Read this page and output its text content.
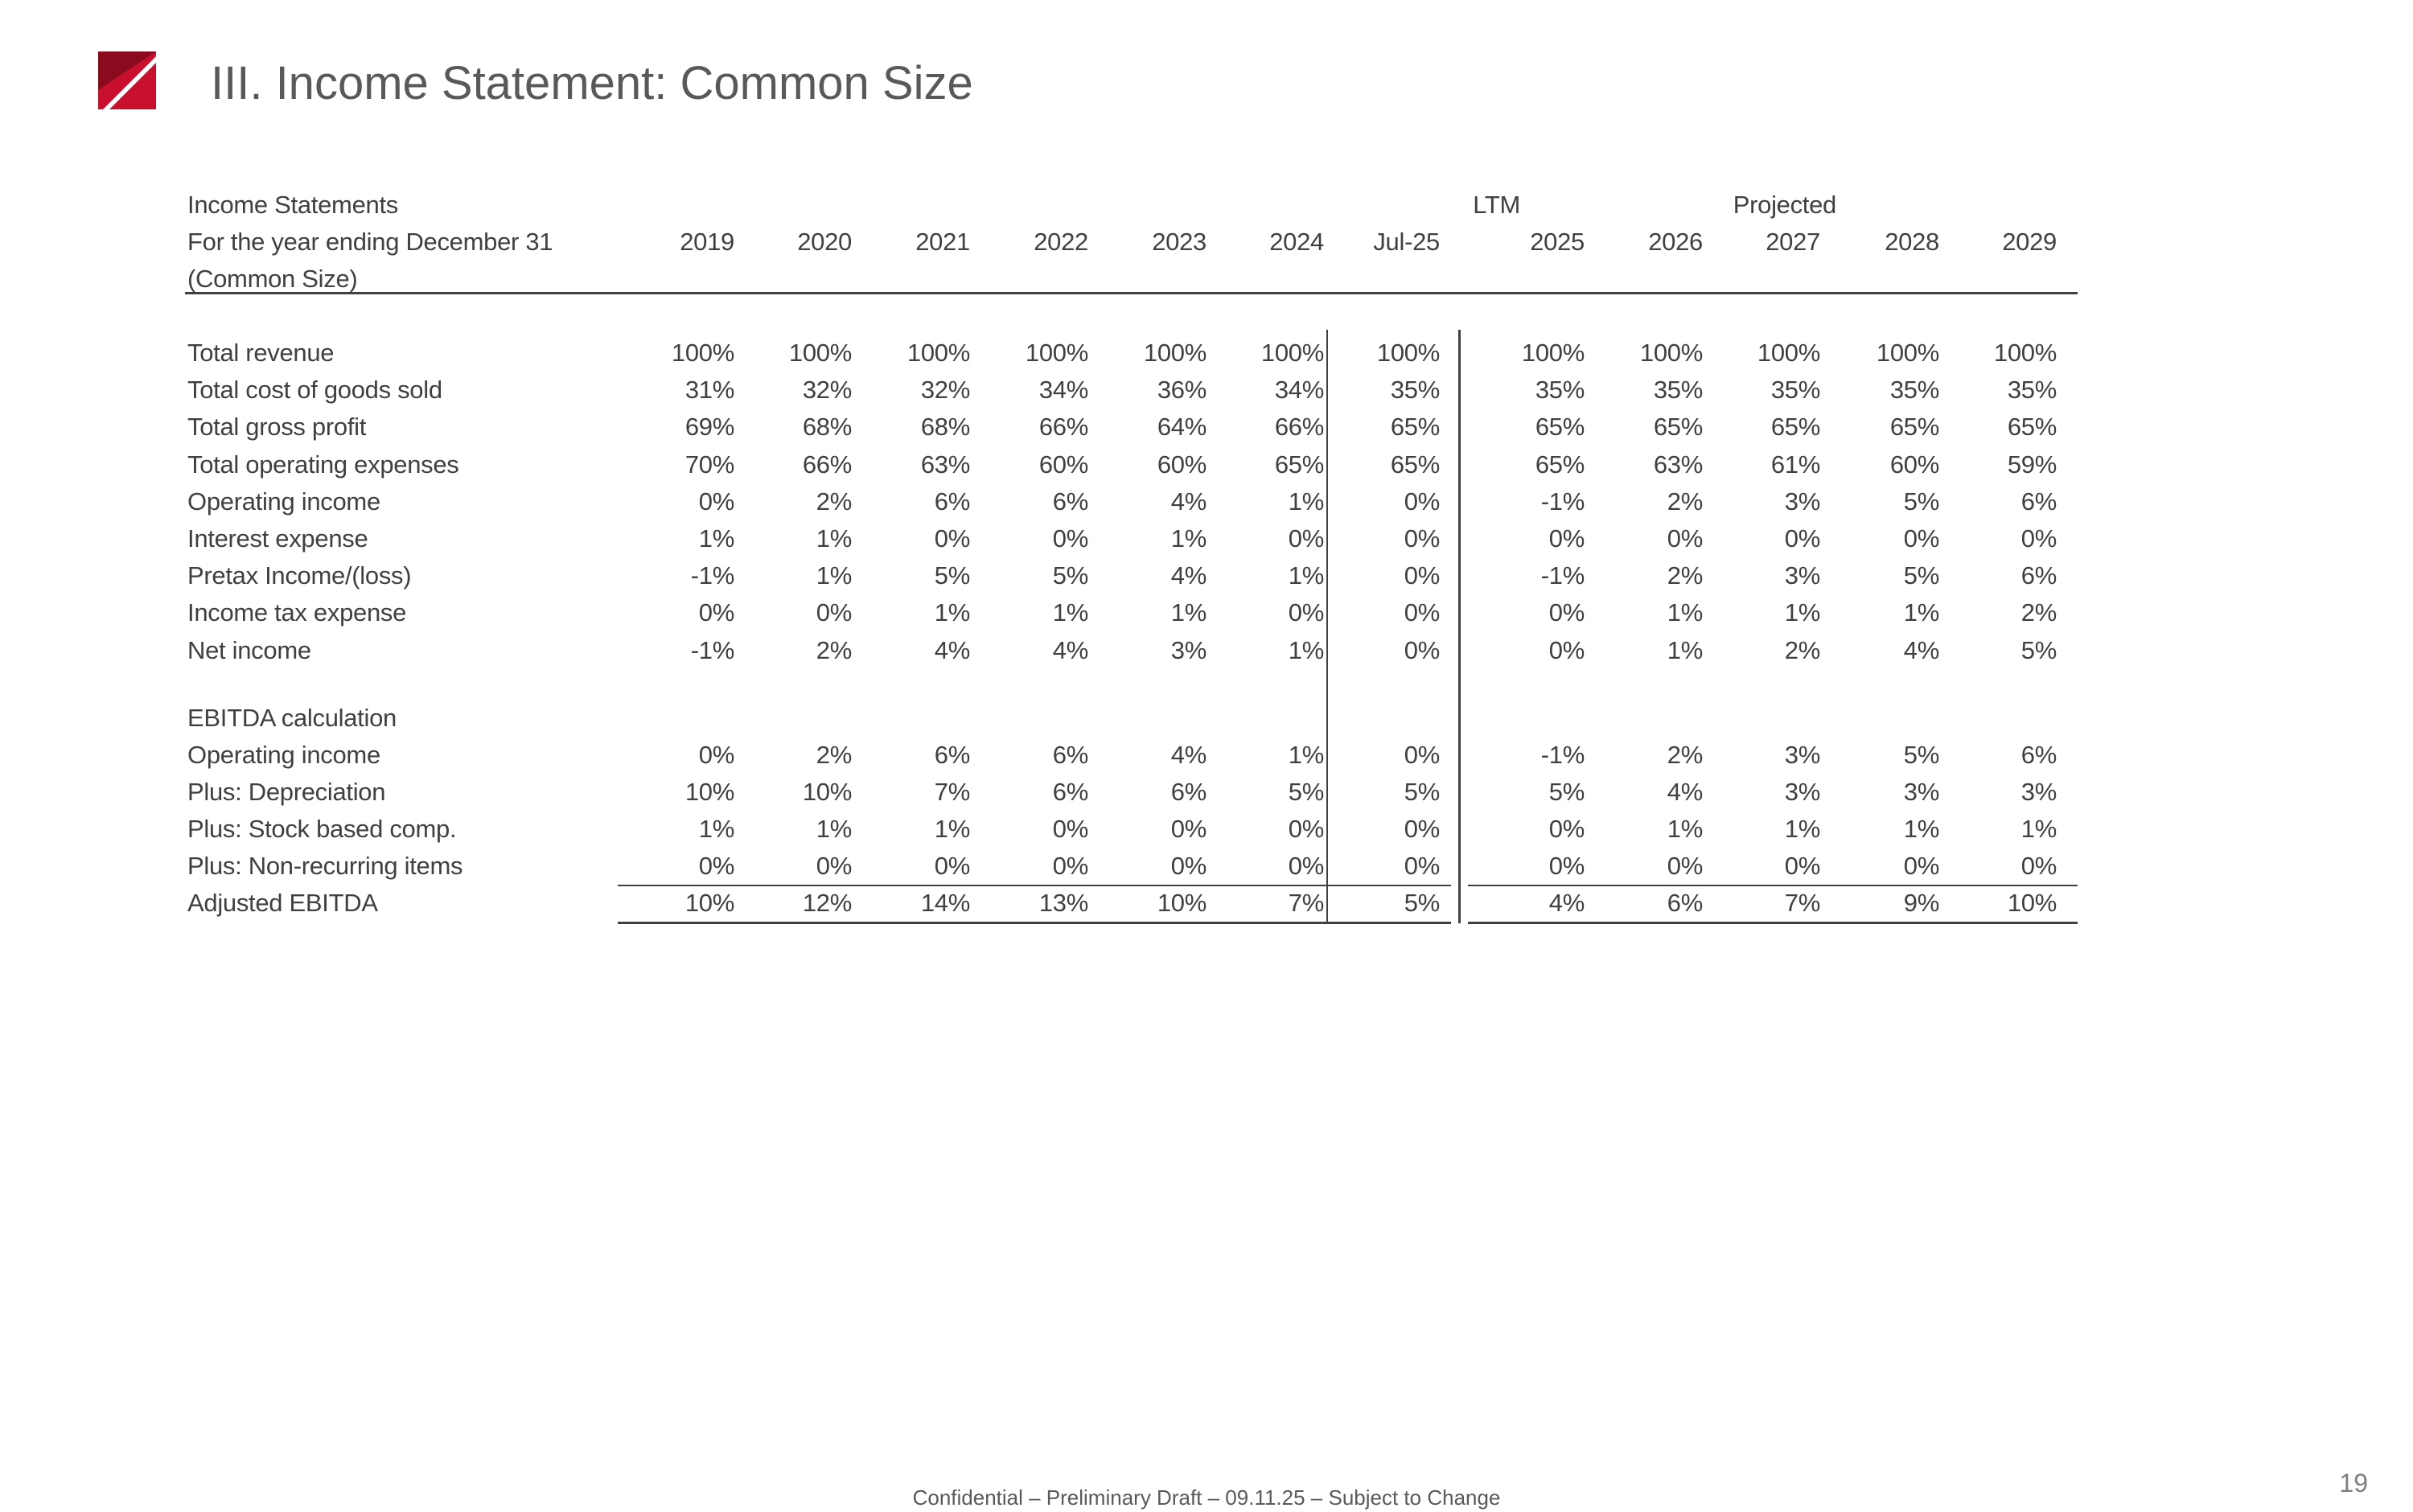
III. Income Statement: Common Size
Income Statements
For the year ending December 31
(Common Size)
LTM	Projected
2019	2020	2021	2022	2023	2024	Jul-25	2025	2026	2027	2028	2029
Total revenue	100%	100%	100%	100%	100%	100%	100%	100%	100%	100%	100%	100%
Total cost of goods sold	31%	32%	32%	34%	36%	34%	35%	35%	35%	35%	35%	35%
Total gross profit	69%	68%	68%	66%	64%	66%	65%	65%	65%	65%	65%	65%
Total operating expenses	70%	66%	63%	60%	60%	65%	65%	65%	63%	61%	60%	59%
Operating income	0%	2%	6%	6%	4%	1%	0%	-1%	2%	3%	5%	6%
Interest expense	1%	1%	0%	0%	1%	0%	0%	0%	0%	0%	0%	0%
Pretax Income/(loss)	-1%	1%	5%	5%	4%	1%	0%	-1%	2%	3%	5%	6%
Income tax expense	0%	0%	1%	1%	1%	0%	0%	0%	1%	1%	1%	2%
Net income	-1%	2%	4%	4%	3%	1%	0%	0%	1%	2%	4%	5%
EBITDA calculation
Operating income	0%	2%	6%	6%	4%	1%	0%	-1%	2%	3%	5%	6%
Plus: Depreciation	10%	10%	7%	6%	6%	5%	5%	5%	4%	3%	3%	3%
Plus: Stock based comp.	1%	1%	1%	0%	0%	0%	0%	0%	1%	1%	1%	1%
Plus: Non-recurring items	0%	0%	0%	0%	0%	0%	0%	0%	0%	0%	0%	0%
Adjusted EBITDA	10%	12%	14%	13%	10%	7%	5%	4%	6%	7%	9%	10%
Confidential – Preliminary Draft – 09.11.25 – Subject to Change	19
